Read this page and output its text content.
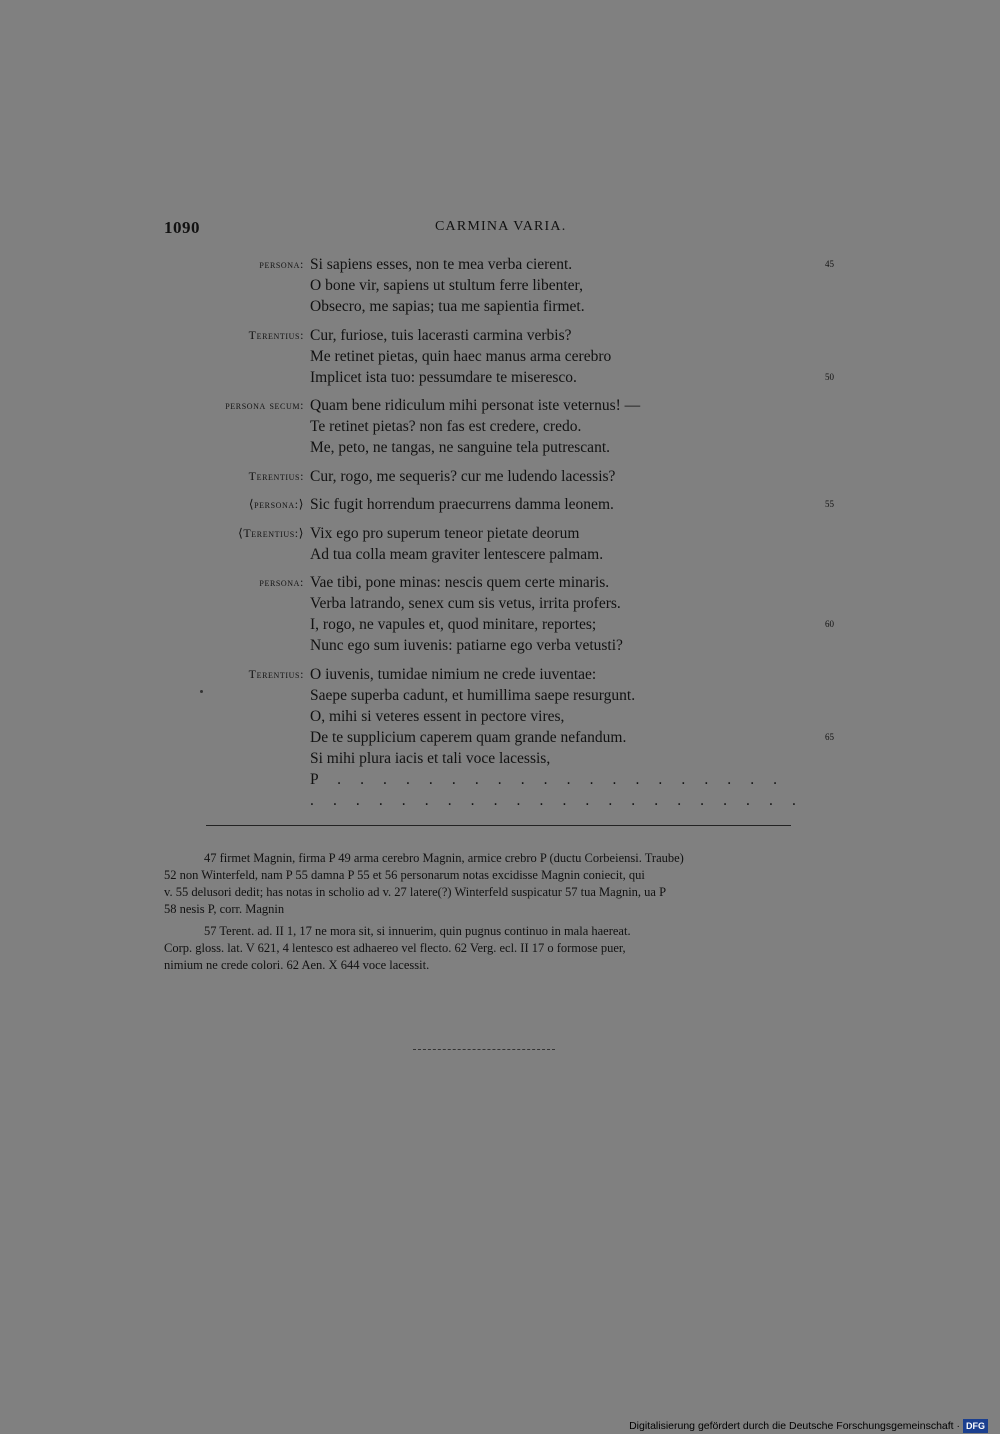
1090	CARMINA VARIA.
persona: Si sapiens esses, non te mea verba cierent.	45
O bone vir, sapiens ut stultum ferre libenter,
Obsecro, me sapias; tua me sapientia firmet.
Terentius: Cur, furiose, tuis lacerasti carmina verbis?
Me retinet pietas, quin haec manus arma cerebro
Implicet ista tuo: pessumdare te miseresco.	50
persona secum: Quam bene ridiculum mihi personat iste veternus! —
Te retinet pietas? non fas est credere, credo.
Me, peto, ne tangas, ne sanguine tela putrescant.
Terentius: Cur, rogo, me sequeris? cur me ludendo lacessis?
⟨persona:⟩ Sic fugit horrendum praecurrens damma leonem.	55
⟨Terentius:⟩ Vix ego pro superum teneor pietate deorum
Ad tua colla meam graviter lentescere palmam.
persona: Vae tibi, pone minas: nescis quem certe minaris.
Verba latrando, senex cum sis vetus, irrita profers.
I, rogo, ne vapules et, quod minitare, reportes;	60
Nunc ego sum iuvenis: patiarne ego verba vetusti?
Terentius: O iuvenis, tumidae nimium ne crede iuventae:
Saepe superba cadunt, et humillima saepe resurgunt.
O, mihi si veteres essent in pectore vires,
De te supplicium caperem quam grande nefandum.	65
Si mihi plura iacis et tali voce lacessis,
P . . . . . . . . . . . . . . . . . . . .
. . . . . . . . . . . . . . . . . . . . . .
47 firmet Magnin, firma P 49 arma cerebro Magnin, armice crebro P (ductu Corbeiensi. Traube)
52 non Winterfeld, nam P 55 damna P 55 et 56 personarum notas excidisse Magnin coniecit, qui
v. 55 delusori dedit; has notas in scholio ad v. 27 latere(?) Winterfeld suspicatur 57 tua Magnin, ua P
58 nesis P, corr. Magnin
57 Terent. ad. II 1, 17 ne mora sit, si innuerim, quin pugnus continuo in mala haereat.
Corp. gloss. lat. V 621, 4 lentesco est adhaereo vel flecto. 62 Verg. ecl. II 17 o formose puer,
nimium ne crede colori. 62 Aen. X 644 voce lacessit.
Digitalisierung gefördert durch die Deutsche Forschungsgemeinschaft · DFG
